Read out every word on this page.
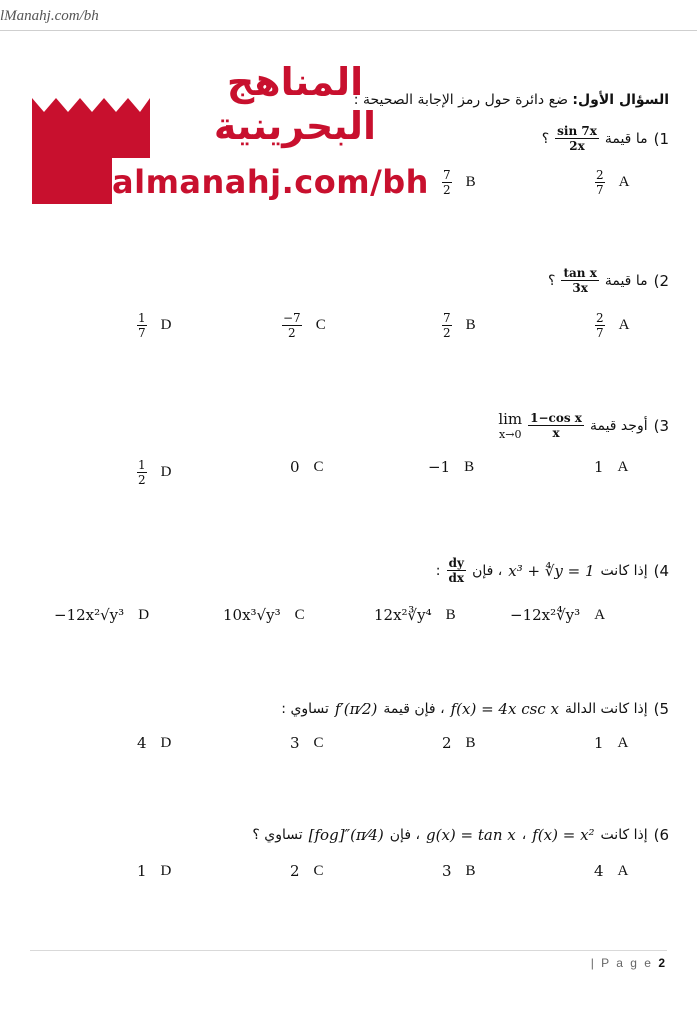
lManahj.com/bh
المناهج
البحرينية
almanahj.com/bh
السؤال الأول: ضع دائرة حول رمز الإجابة الصحيحة :
1)
ما قيمة
$\frac{\sin 7x}{2x}$
؟
$\frac{2}{7}$ A
$\frac{7}{2}$ B
2)
ما قيمة
$\frac{\text{tan x}}{3x}$
؟
$\frac{2}{7}$ A
$\frac{7}{2}$ B
$\frac{-7}{2}$ C
$\frac{1}{7}$ D
3)
أوجد قيمة
$\frac{\text{1−cos x}}{x}$
lim
x→0
1 A
−1 B
0 C
$\frac{1}{2}$ D
4)
إذا كانت
x³ + ∜y = 1
، فإن
$\frac{dy}{dx}$
:
−12x²∜y³ A
12x²∛y⁴ B
10x³√y³ C
−12x²√y³ D
5)
إذا كانت الدالة
f(x) = 4x csc x
، فإن قيمة
f′(π⁄2)
تساوي :
1 A
2 B
3 C
4 D
6)
إذا كانت
f(x) = x²
،
g(x) = tan x
، فإن
[fog]″(π⁄4)
تساوي ؟
4 A
3 B
2 C
1 D
| P a g e 2
